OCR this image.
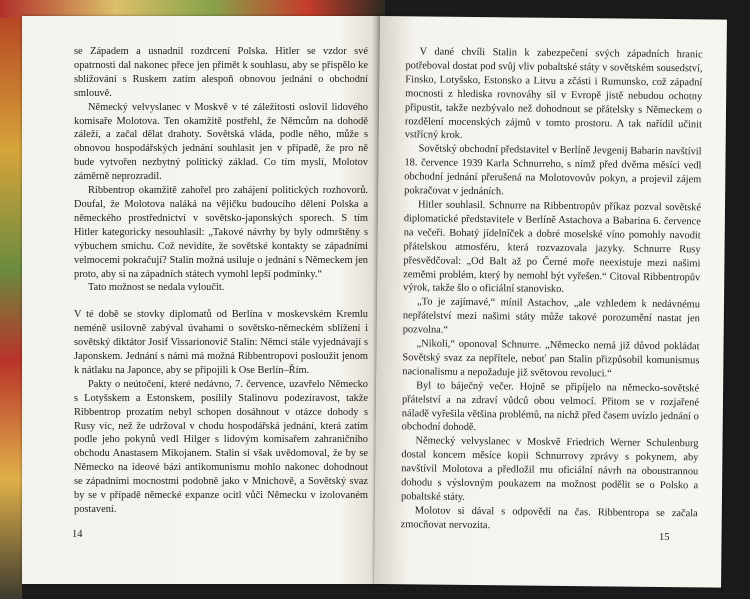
se Západem a usnadnil rozdrcení Polska. Hitler se vzdor své opatrnosti dal nakonec přece jen přimět k souhlasu, aby se přispělo ke sbližování s Ruskem zatím alespoň obnovou jednání o obchodní smlouvě.

Německý velvyslanec v Moskvě v té záležitosti oslovil lidového komisaře Molotova. Ten okamžitě postřehl, že Němcům na dohodě záleží, a začal dělat drahoty. Sovětská vláda, podle něho, může s obnovou hospodářských jednání souhlasit jen v případě, že pro ně bude vytvořen nezbytný politický základ. Co tím myslí, Molotov záměrně neprozradil.

Ribbentrop okamžitě zahořel pro zahájení politických rozhovorů. Doufal, že Molotova naláká na vějičku budoucího dělení Polska a německého prostřednictví v sovětsko-japonských sporech. S tím Hitler kategoricky nesouhlasil: „Takové návrhy by byly odmrštěny s výbuchem smíchu. Což nevidíte, že sovětské kontakty se západními velmocemi pokračují? Stalin možná usiluje o jednání s Německem jen proto, aby si na západních státech vymohl lepší podmínky.“

Tato možnost se nedala vyloučit.

V té době se stovky diplomatů od Berlína v moskevském Kremlu neméně usilovně zabýval úvahami o sovětsko-německém sblížení i sovětský diktátor Josif Vissarionovič Stalin: Němci stále vyjednávají s Japonskem. Jednání s námi má možná Ribbentropovi posloužit jenom k nátlaku na Japonce, aby se připojili k Ose Berlín–Řím.

Pakty o neútočení, které nedávno, 7. července, uzavřelo Německo s Lotyšskem a Estonskem, posílily Stalinovu podezíravost, takže Ribbentrop prozatím nebyl schopen dosáhnout v otázce dohody s Rusy víc, než že udržoval v chodu hospodářská jednání, která zatím podle jeho pokynů vedl Hilger s lidovým komisařem zahraničního obchodu Anastasem Mikojanem. Stalin si však uvědomoval, že by se Německo na ideové bázi antikomunismu mohlo nakonec dohodnout se západními mocnostmi podobně jako v Mnichově, a Sovětský svaz by se v případě německé expanze ocitl vůči Německu v izolovaném postavení.

14

V dané chvíli Stalin k zabezpečení svých západních hranic potřeboval dostat pod svůj vliv pobaltské státy v sovětském sousedství, Finsko, Lotyšsko, Estonsko a Litvu a zčásti i Rumunsko, což západní mocnosti z hlediska rovnováhy sil v Evropě jistě nebudou ochotny připustit, takže nezbývalo než dohodnout se přátelsky s Německem o rozdělení mocenských zájmů v tomto prostoru. A tak nařídil učinit vstřícný krok.

Sovětský obchodní představitel v Berlíně Jevgenij Babarin navštívil 18. července 1939 Karla Schnurreho, s nímž před dvěma měsíci vedl obchodní jednání přerušená na Molotovovův pokyn, a projevil zájem pokračovat v jednáních.

Hitler souhlasil. Schnurre na Ribbentropův příkaz pozval sovětské diplomatické představitele v Berlíně Astachova a Babarina 6. července na večeři. Bohatý jídelníček a dobré moselské víno pomohly navodit přátelskou atmosféru, která rozvazovala jazyky. Schnurre Rusy přesvědčoval: „Od Balt až po Černé moře neexistuje mezi našimi zeměmi problém, který by nemohl být vyřešen.“ Citoval Ribbentropův výrok, takže šlo o oficiální stanovisko.

„To je zajímavé,“ mínil Astachov, „ale vzhledem k nedávnému nepřátelství mezi našimi státy může takové porozumění nastat jen pozvolna.“

„Nikoli,“ oponoval Schnurre. „Německo nemá již důvod pokládat Sovětský svaz za nepřítele, neboť pan Stalin přizpůsobil komunismus nacionalismu a nepožaduje již světovou revoluci.“

Byl to báječný večer. Hojně se připíjelo na německo-sovětské přátelství a na zdraví vůdců obou velmocí. Přitom se v rozjařené náladě vyřešila většina problémů, na nichž před časem uvízlo jednání o obchodní dohodě.

Německý velvyslanec v Moskvě Friedrich Werner Schulenburg dostal koncem měsíce kopii Schnurrovy zprávy s pokynem, aby navštívil Molotova a předložil mu oficiální návrh na oboustrannou dohodu s výslovným poukazem na možnost podělit se o Polsko a pobaltské státy.

Molotov si dával s odpovědí na čas. Ribbentropa se začala zmocňovat nervozita.

15
